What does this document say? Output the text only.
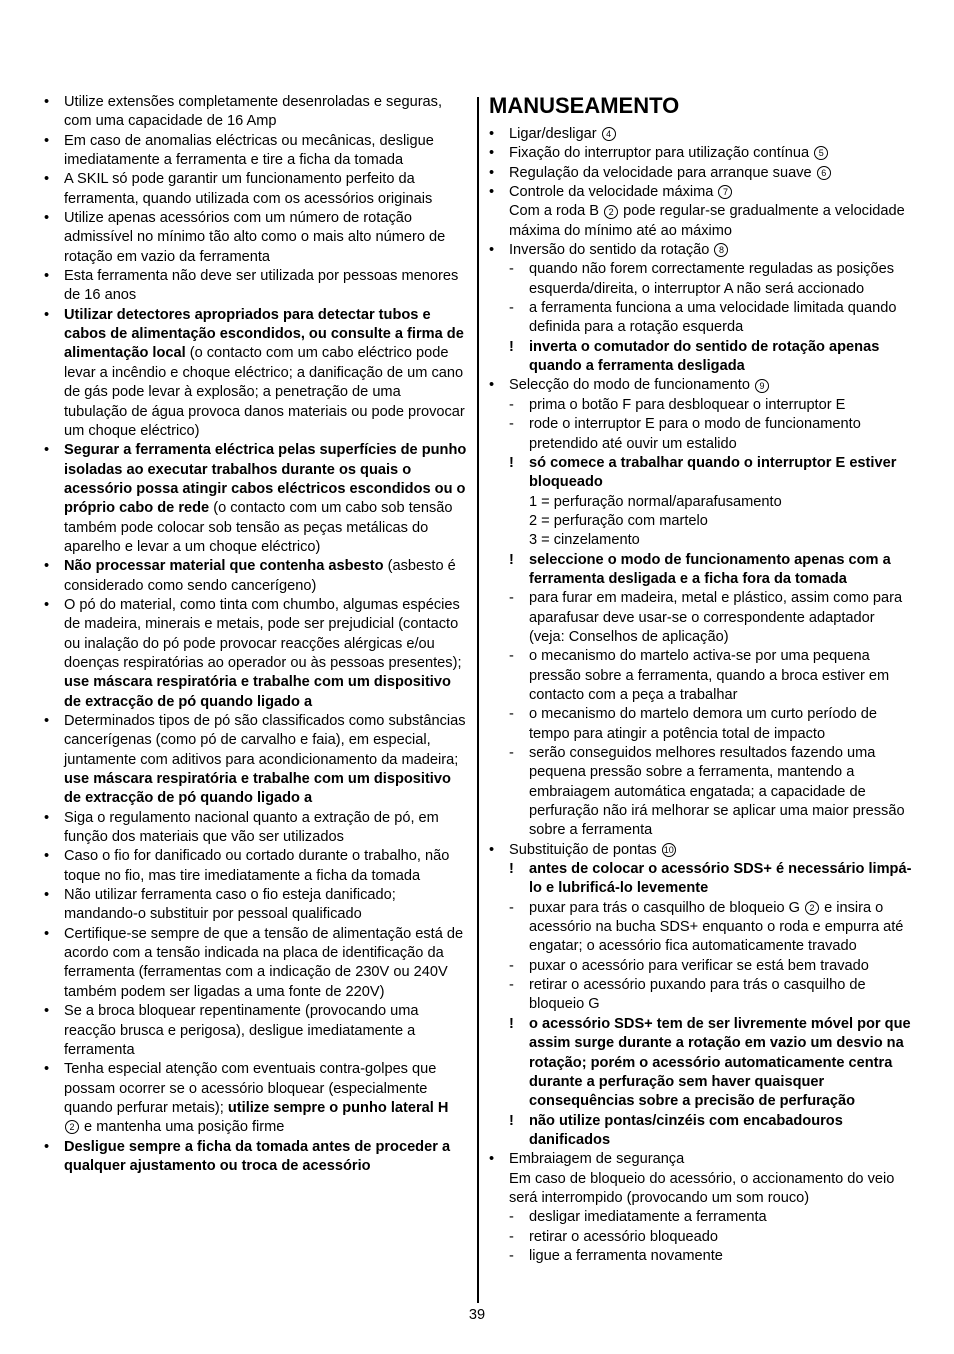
• Utilize extensões completamente desenroladas e seguras, com uma capacidade de 16 Amp
• Em caso de anomalias eléctricas ou mecânicas, desligue imediatamente a ferramenta e tire a ficha da tomada
• A SKIL só pode garantir um funcionamento perfeito da ferramenta, quando utilizada com os acessórios originais
• Utilize apenas acessórios com um número de rotação admissível no mínimo tão alto como o mais alto número de rotação em vazio da ferramenta
• Esta ferramenta não deve ser utilizada por pessoas menores de 16 anos
• Utilizar detectores apropriados para detectar tubos e cabos de alimentação escondidos, ou consulte a firma de alimentação local (o contacto com um cabo eléctrico pode levar a incêndio e choque eléctrico; a danificação de um cano de gás pode levar à explosão; a penetração de uma tubulação de água provoca danos materiais ou pode provocar um choque eléctrico)
• Segurar a ferramenta eléctrica pelas superfícies de punho isoladas ao executar trabalhos durante os quais o acessório possa atingir cabos eléctricos escondidos ou o próprio cabo de rede (o contacto com um cabo sob tensão também pode colocar sob tensão as peças metálicas do aparelho e levar a um choque eléctrico)
• Não processar material que contenha asbesto (asbesto é considerado como sendo cancerígeno)
• O pó do material, como tinta com chumbo, algumas espécies de madeira, minerais e metais, pode ser prejudicial (contacto ou inalação do pó pode provocar reacções alérgicas e/ou doenças respiratórias ao operador ou às pessoas presentes); use máscara respiratória e trabalhe com um dispositivo de extracção de pó quando ligado a
• Determinados tipos de pó são classificados como substâncias cancerígenas (como pó de carvalho e faia), em especial, juntamente com aditivos para acondicionamento da madeira; use máscara respiratória e trabalhe com um dispositivo de extracção de pó quando ligado a
• Siga o regulamento nacional quanto a extração de pó, em função dos materiais que vão ser utilizados
• Caso o fio for danificado ou cortado durante o trabalho, não toque no fio, mas tire imediatamente a ficha da tomada
• Não utilizar ferramenta caso o fio esteja danificado; mandando-o substituir por pessoal qualificado
• Certifique-se sempre de que a tensão de alimentação está de acordo com a tensão indicada na placa de identificação da ferramenta (ferramentas com a indicação de 230V ou 240V também podem ser ligadas a uma fonte de 220V)
• Se a broca bloquear repentinamente (provocando uma reacção brusca e perigosa), desligue imediatamente a ferramenta
• Tenha especial atenção com eventuais contra-golpes que possam ocorrer se o acessório bloquear (especialmente quando perfurar metais); utilize sempre o punho lateral H 2 e mantenha uma posição firme
• Desligue sempre a ficha da tomada antes de proceder a qualquer ajustamento ou troca de acessório
MANUSEAMENTO
• Ligar/desligar 4
• Fixação do interruptor para utilização contínua 5
• Regulação da velocidade para arranque suave 6
• Controle da velocidade máxima 7
Com a roda B 2 pode regular-se gradualmente a velocidade máxima do mínimo até ao máximo
• Inversão do sentido da rotação 8
- quando não forem correctamente reguladas as posições esquerda/direita, o interruptor A não será accionado
- a ferramenta funciona a uma velocidade limitada quando definida para a rotação esquerda
! inverta o comutador do sentido de rotação apenas quando a ferramenta desligada
• Selecção do modo de funcionamento 9
- prima o botão F para desbloquear o interruptor E
- rode o interruptor E para o modo de funcionamento pretendido até ouvir um estalido
! só comece a trabalhar quando o interruptor E estiver bloqueado
1 = perfuração normal/aparafusamento
2 = perfuração com martelo
3 = cinzelamento
! seleccione o modo de funcionamento apenas com a ferramenta desligada e a ficha fora da tomada
- para furar em madeira, metal e plástico, assim como para aparafusar deve usar-se o correspondente adaptador (veja: Conselhos de aplicação)
- o mecanismo do martelo activa-se por uma pequena pressão sobre a ferramenta, quando a broca estiver em contacto com a peça a trabalhar
- o mecanismo do martelo demora um curto período de tempo para atingir a potência total de impacto
- serão conseguidos melhores resultados fazendo uma pequena pressão sobre a ferramenta, mantendo a embraiagem automática engatada; a capacidade de perfuração não irá melhorar se aplicar uma maior pressão sobre a ferramenta
• Substituição de pontas 10
! antes de colocar o acessório SDS+ é necessário limpá-lo e lubrificá-lo levemente
- puxar para trás o casquilho de bloqueio G 2 e insira o acessório na bucha SDS+ enquanto o roda e empurra até engatar; o acessório fica automaticamente travado
- puxar o acessório para verificar se está bem travado
- retirar o acessório puxando para trás o casquilho de bloqueio G
! o acessório SDS+ tem de ser livremente móvel por que assim surge durante a rotação em vazio um desvio na rotação; porém o acessório automaticamente centra durante a perfuração sem haver quaisquer consequências sobre a precisão de perfuração
! não utilize pontas/cinzéis com encabadouros danificados
• Embraiagem de segurança
Em caso de bloqueio do acessório, o accionamento do veio será interrompido (provocando um som rouco)
- desligar imediatamente a ferramenta
- retirar o acessório bloqueado
- ligue a ferramenta novamente
39
